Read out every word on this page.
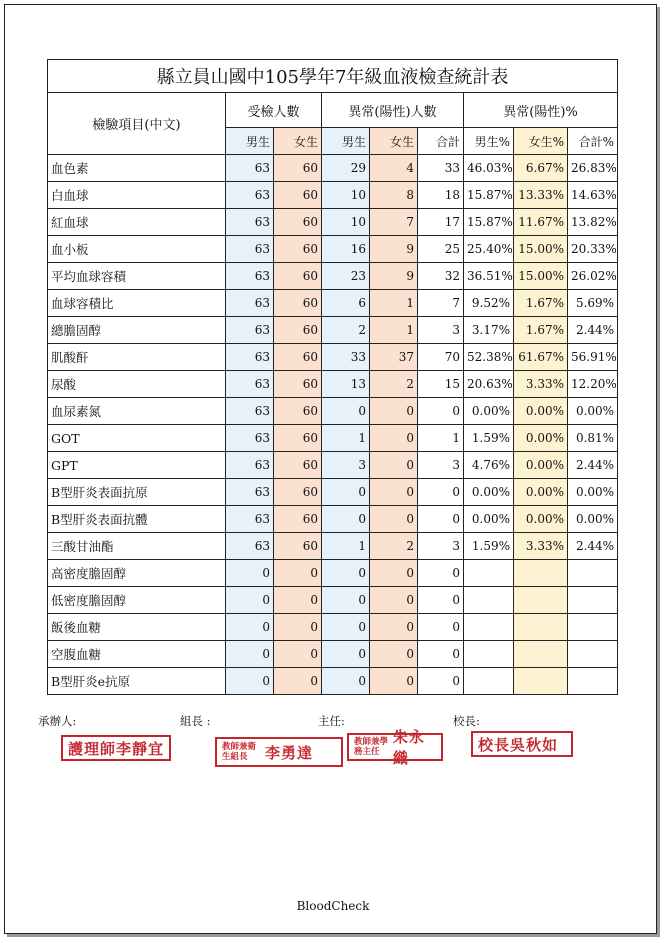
縣立員山國中105學年7年級血液檢查統計表								
檢驗項目(中文)	受檢人數		異常(陽性)人數			異常(陽性)%		
	男生	女生	男生	女生	合計	男生%	女生%	合計%
血色素	63	60	29	4	33	46.03%	6.67%	26.83%
白血球	63	60	10	8	18	15.87%	13.33%	14.63%
紅血球	63	60	10	7	17	15.87%	11.67%	13.82%
血小板	63	60	16	9	25	25.40%	15.00%	20.33%
平均血球容積	63	60	23	9	32	36.51%	15.00%	26.02%
血球容積比	63	60	6	1	7	9.52%	1.67%	5.69%
總膽固醇	63	60	2	1	3	3.17%	1.67%	2.44%
肌酸酐	63	60	33	37	70	52.38%	61.67%	56.91%
尿酸	63	60	13	2	15	20.63%	3.33%	12.20%
血尿素氮	63	60	0	0	0	0.00%	0.00%	0.00%
GOT	63	60	1	0	1	1.59%	0.00%	0.81%
GPT	63	60	3	0	3	4.76%	0.00%	2.44%
B型肝炎表面抗原	63	60	0	0	0	0.00%	0.00%	0.00%
B型肝炎表面抗體	63	60	0	0	0	0.00%	0.00%	0.00%
三酸甘油酯	63	60	1	2	3	1.59%	3.33%	2.44%
高密度膽固醇	0	0	0	0	0			
低密度膽固醇	0	0	0	0	0			
飯後血糖	0	0	0	0	0			
空腹血糖	0	0	0	0	0			
B型肝炎e抗原	0	0	0	0	0			
承辦人:
護理師李靜宜
組長 :
教師兼衛生組長	李勇達
主任:
教師兼學務主任
朱永織
校長:
校長吳秋如
BloodCheck
